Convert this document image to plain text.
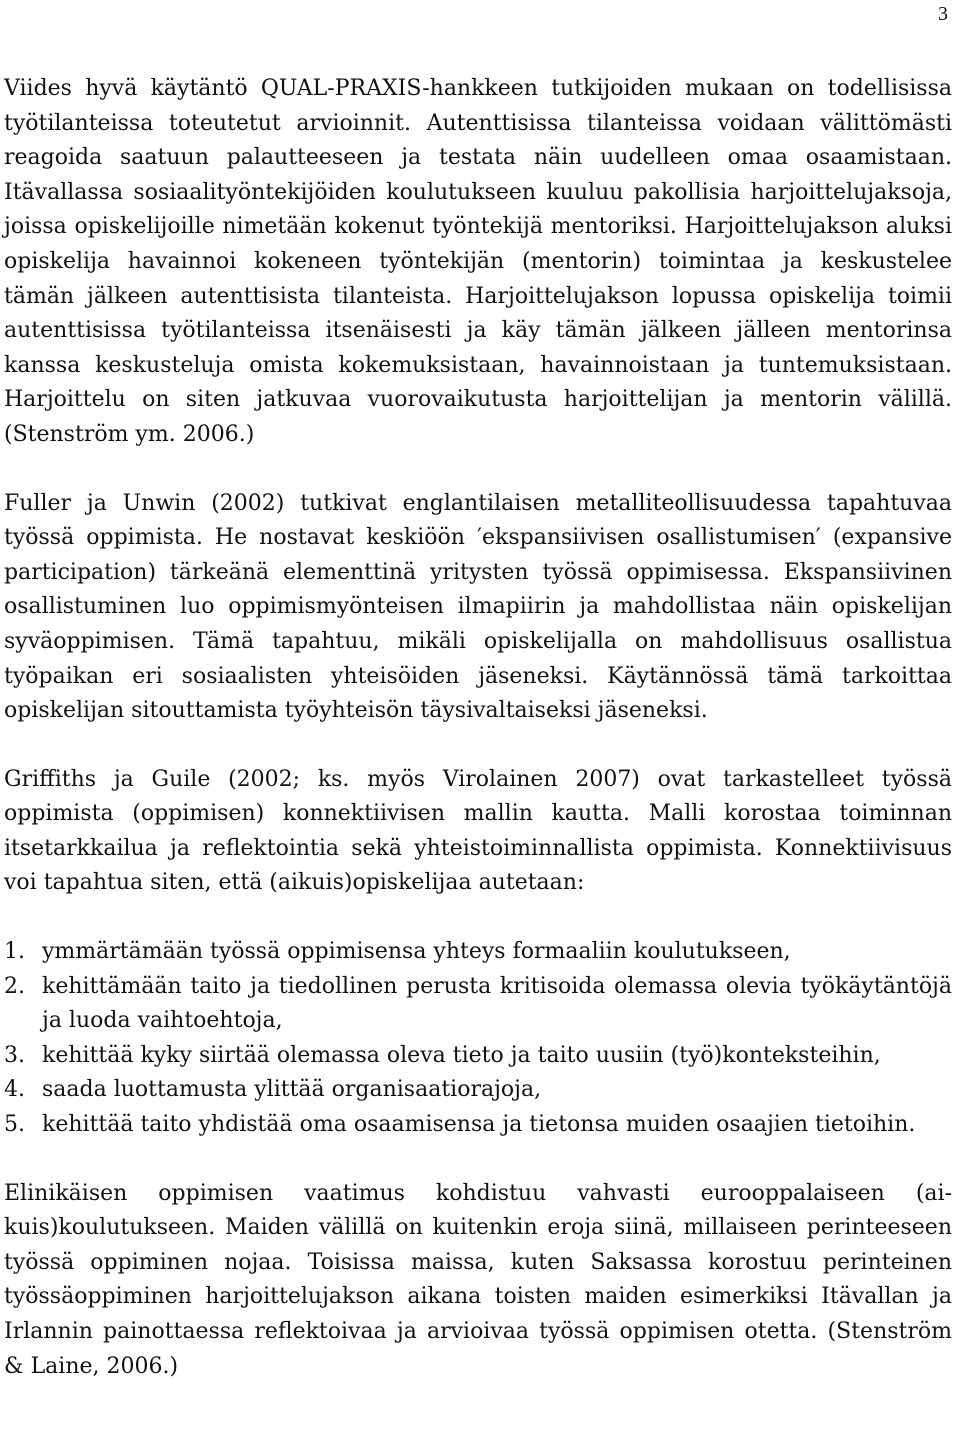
3

Viides hyvä käytäntö QUAL-PRAXIS-hankkeen tutkijoiden mukaan on todellisissa työtilanteissa toteutetut arvioinnit. Autenttisissa tilanteissa voidaan välittömästi reagoida saatuun palautteeseen ja testata näin uudelleen omaa osaamistaan. Itävallassa sosiaalityöntekijöiden koulutukseen kuuluu pakollisia harjoittelujaksoja, joissa opiskelijoille nimetään kokenut työntekijä mentoriksi. Harjoittelujakson aluksi opiskelija havainnoi kokeneen työntekijän (mentorin) toimintaa ja keskustelee tämän jälkeen autenttisista tilanteista. Harjoittelujakson lopussa opiskelija toimii autenttisissa työtilanteissa itsenäisesti ja käy tämän jälkeen jälleen mentorinsa kanssa keskusteluja omista kokemuksistaan, havainnoistaan ja tuntemuksistaan. Harjoittelu on siten jatkuvaa vuorovaikutusta harjoittelijan ja mentorin välillä. (Stenström ym. 2006.)

Fuller ja Unwin (2002) tutkivat englantilaisen metalliteollisuudessa tapahtuvaa työssä oppimista. He nostavat keskiöön ′ekspansiivisen osallistumisen′ (expansive participation) tärkeänä elementtinä yritysten työssä oppimisessa. Ekspansiivinen osallistuminen luo oppimismyönteisen ilmapiirin ja mahdollistaa näin opiskelijan syväoppimisen. Tämä tapahtuu, mikäli opiskelijalla on mahdollisuus osallistua työpaikan eri sosiaalisten yhteisöiden jäseneksi. Käytännössä tämä tarkoittaa opiskelijan sitouttamista työyhteisön täysivaltaiseksi jäseneksi.

Griffiths ja Guile (2002; ks. myös Virolainen 2007) ovat tarkastelleet työssä oppimista (oppimisen) konnektiivisen mallin kautta. Malli korostaa toiminnan itsetarkkailua ja reflektointia sekä yhteistoiminnallista oppimista. Konnektiivisuus voi tapahtua siten, että (aikuis)opiskelijaa autetaan:

1. ymmärtämään työssä oppimisensa yhteys formaaliin koulutukseen,
2. kehittämään taito ja tiedollinen perusta kritisoida olemassa olevia työkäytäntöjä ja luoda vaihtoehtoja,
3. kehittää kyky siirtää olemassa oleva tieto ja taito uusiin (työ)konteksteihin,
4. saada luottamusta ylittää organisaatiorajoja,
5. kehittää taito yhdistää oma osaamisensa ja tietonsa muiden osaajien tietoihin.

Elinikäisen oppimisen vaatimus kohdistuu vahvasti eurooppalaiseen (aikuis)koulutukseen. Maiden välillä on kuitenkin eroja siinä, millaiseen perinteeseen työssä oppiminen nojaa. Toisissa maissa, kuten Saksassa korostuu perinteinen työssäoppiminen harjoittelujakson aikana toisten maiden esimerkiksi Itävallan ja Irlannin painottaessa reflektoivaa ja arvioivaa työssä oppimisen otetta. (Stenström & Laine, 2006.)
